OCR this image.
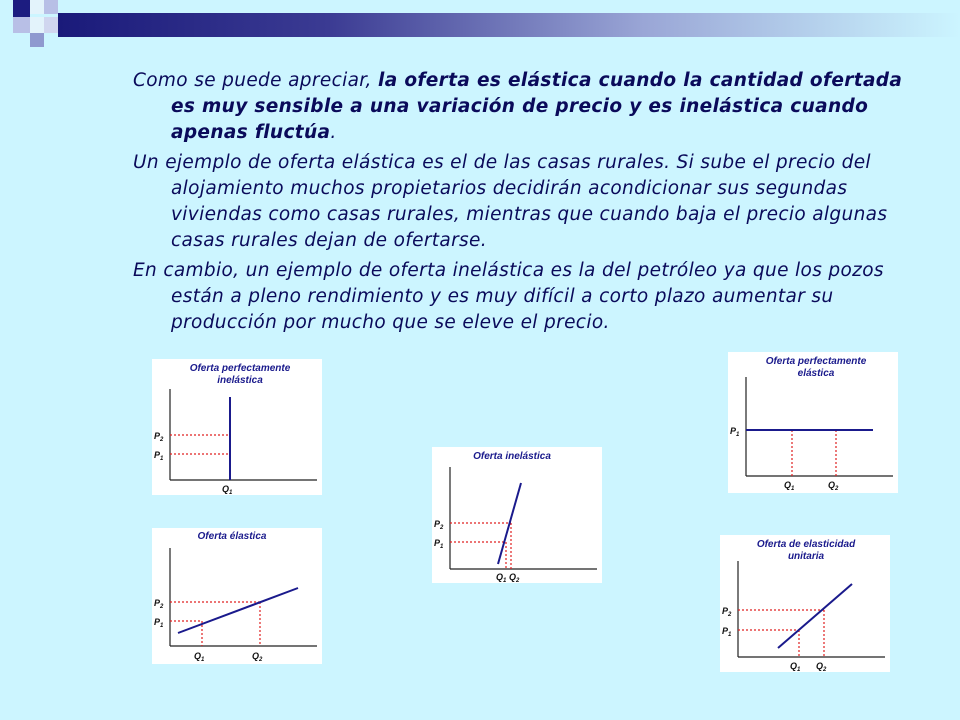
Como se puede apreciar, la oferta es elástica cuando la cantidad ofertada es muy sensible a una variación de precio y es inelástica cuando apenas fluctúa.

Un ejemplo de oferta elástica es el de las casas rurales. Si sube el precio del alojamiento muchos propietarios decidirán acondicionar sus segundas viviendas como casas rurales, mientras que cuando baja el precio algunas casas rurales dejan de ofertarse.

En cambio, un ejemplo de oferta inelástica es la del petróleo ya que los pozos están a pleno rendimiento y es muy difícil a corto plazo aumentar su producción por mucho que se eleve el precio.

Oferta perfectamente
inelástica
$P_2$
$P_1$
$Q_1$
Oferta élastica
$P_2$
$P_1$
$Q_1$	$Q_2$
Oferta inelástica
$P_2$
$P_1$
$Q_1$ $Q_2$
Oferta perfectamente
elástica
$P_1$
$Q_1$	$Q_2$
Oferta de elasticidad
unitaria
$P_2$
$P_1$
$Q_1$ $Q_2$
